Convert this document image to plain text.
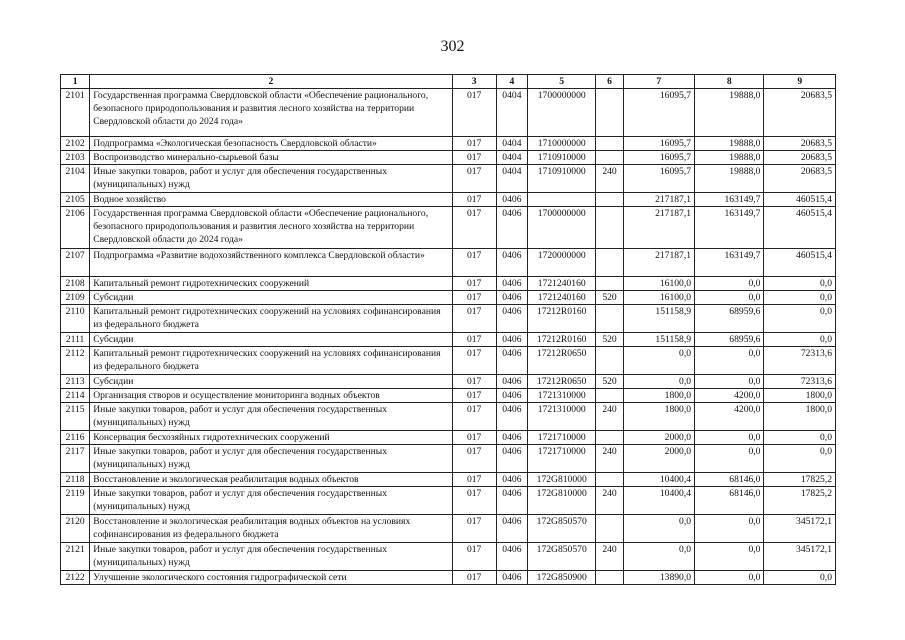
302
1	2	3	4	5	6	7	8	9
2101	Государственная программа Свердловской области «Обеспечение рационального, безопасного природопользования и развития лесного хозяйства на территории Свердловской области до 2024 года»	017	0404	1700000000		16095,7	19888,0	20683,5
2102	Подпрограмма «Экологическая безопасность Свердловской области»	017	0404	1710000000		16095,7	19888,0	20683,5
2103	Воспроизводство минерально-сырьевой базы	017	0404	1710910000		16095,7	19888,0	20683,5
2104	Иные закупки товаров, работ и услуг для обеспечения государственных (муниципальных) нужд	017	0404	1710910000	240	16095,7	19888,0	20683,5
2105	Водное хозяйство	017	0406			217187,1	163149,7	460515,4
2106	Государственная программа Свердловской области «Обеспечение рационального, безопасного природопользования и развития лесного хозяйства на территории Свердловской области до 2024 года»	017	0406	1700000000		217187,1	163149,7	460515,4
2107	Подпрограмма «Развитие водохозяйственного комплекса Свердловской области»	017	0406	1720000000		217187,1	163149,7	460515,4
2108	Капитальный ремонт гидротехнических сооружений	017	0406	1721240160		16100,0	0,0	0,0
2109	Субсидии	017	0406	1721240160	520	16100,0	0,0	0,0
2110	Капитальный ремонт гидротехнических сооружений на условиях софинансирования из федерального бюджета	017	0406	17212R0160		151158,9	68959,6	0,0
2111	Субсидии	017	0406	17212R0160	520	151158,9	68959,6	0,0
2112	Капитальный ремонт гидротехнических сооружений на условиях софинансирования из федерального бюджета	017	0406	17212R0650		0,0	0,0	72313,6
2113	Субсидии	017	0406	17212R0650	520	0,0	0,0	72313,6
2114	Организация створов и осуществление мониторинга водных объектов	017	0406	1721310000		1800,0	4200,0	1800,0
2115	Иные закупки товаров, работ и услуг для обеспечения государственных (муниципальных) нужд	017	0406	1721310000	240	1800,0	4200,0	1800,0
2116	Консервация бесхозяйных гидротехнических сооружений	017	0406	1721710000		2000,0	0,0	0,0
2117	Иные закупки товаров, работ и услуг для обеспечения государственных (муниципальных) нужд	017	0406	1721710000	240	2000,0	0,0	0,0
2118	Восстановление и экологическая реабилитация водных объектов	017	0406	172G810000		10400,4	68146,0	17825,2
2119	Иные закупки товаров, работ и услуг для обеспечения государственных (муниципальных) нужд	017	0406	172G810000	240	10400,4	68146,0	17825,2
2120	Восстановление и экологическая реабилитация водных объектов на условиях софинансирования из федерального бюджета	017	0406	172G850570		0,0	0,0	345172,1
2121	Иные закупки товаров, работ и услуг для обеспечения государственных (муниципальных) нужд	017	0406	172G850570	240	0,0	0,0	345172,1
2122	Улучшение экологического состояния гидрографической сети	017	0406	172G850900		13890,0	0,0	0,0
